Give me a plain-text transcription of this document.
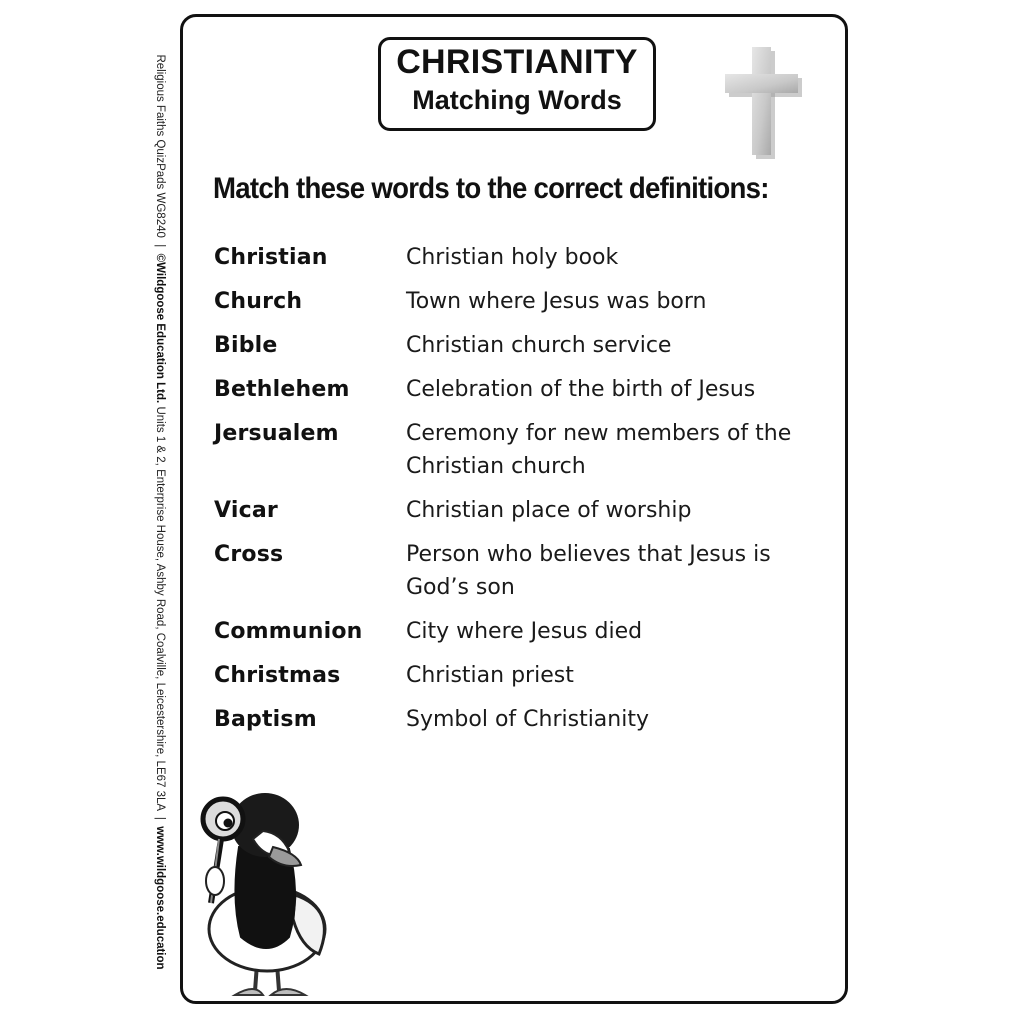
Religious Faiths QuizPads WG8240  |  ©Wildgoose Education Ltd. Units 1 & 2, Enterprise House, Ashby Road, Coalville, Leicestershire, LE67 3LA  |  www.wildgoose.education
CHRISTIANITY
Matching Words
Match these words to the correct definitions:
Christian	Christian holy book
Church	Town where Jesus was born
Bible	Christian church service
Bethlehem	Celebration of the birth of Jesus
Jersualem	Ceremony for new members of the Christian church
Vicar	Christian place of worship
Cross	Person who believes that Jesus is God’s son
Communion	City where Jesus died
Christmas	Christian priest
Baptism	Symbol of Christianity
